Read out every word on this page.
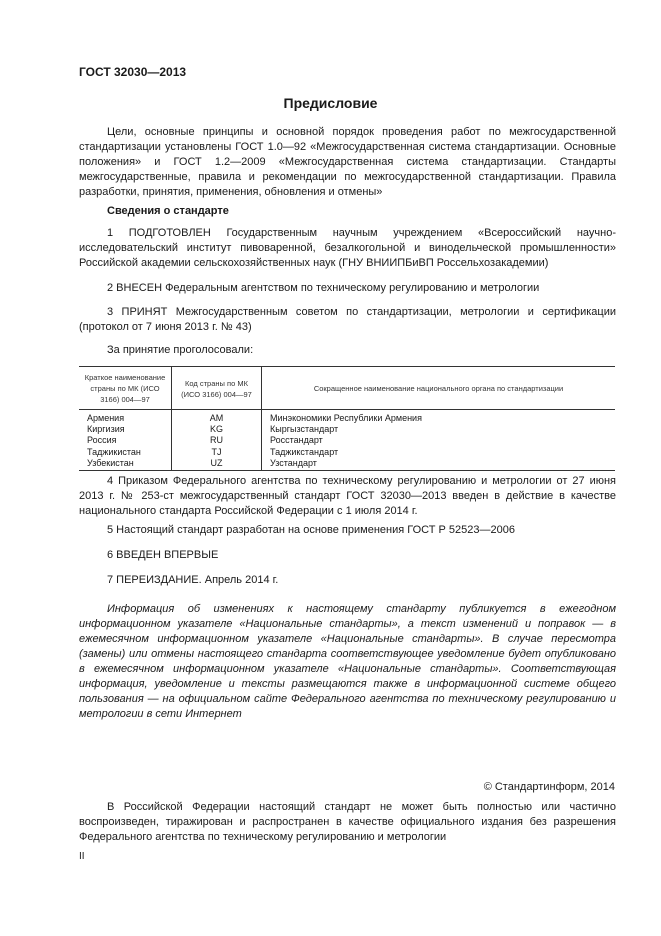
ГОСТ 32030—2013
Предисловие
Цели, основные принципы и основной порядок проведения работ по межгосударственной стандартизации установлены ГОСТ 1.0—92 «Межгосударственная система стандартизации. Основные положения» и ГОСТ 1.2—2009 «Межгосударственная система стандартизации. Стандарты межгосударственные, правила и рекомендации по межгосударственной стандартизации. Правила разработки, принятия, применения, обновления и отмены»
Сведения о стандарте
1 ПОДГОТОВЛЕН Государственным научным учреждением «Всероссийский научно-исследовательский институт пивоваренной, безалкогольной и винодельческой промышленности» Российской академии сельскохозяйственных наук (ГНУ ВНИИПБиВП Россельхозакадемии)
2 ВНЕСЕН Федеральным агентством по техническому регулированию и метрологии
3 ПРИНЯТ Межгосударственным советом по стандартизации, метрологии и сертификации (протокол от 7 июня 2013 г. № 43)
За принятие проголосовали:
Краткое наименование страны по МК (ИСО 3166) 004—97	Код страны по МК (ИСО 3166) 004—97	Сокращенное наименование национального органа по стандартизации
Армения	AM	Минэкономики Республики Армения
Киргизия	KG	Кыргызстандарт
Россия	RU	Росстандарт
Таджикистан	TJ	Таджикстандарт
Узбекистан	UZ	Узстандарт
4 Приказом Федерального агентства по техническому регулированию и метрологии от 27 июня 2013 г. № 253-ст межгосударственный стандарт ГОСТ 32030—2013 введен в действие в качестве национального стандарта Российской Федерации с 1 июля 2014 г.
5 Настоящий стандарт разработан на основе применения ГОСТ Р 52523—2006
6 ВВЕДЕН ВПЕРВЫЕ
7 ПЕРЕИЗДАНИЕ. Апрель 2014 г.
Информация об изменениях к настоящему стандарту публикуется в ежегодном информационном указателе «Национальные стандарты», а текст изменений и поправок — в ежемесячном информационном указателе «Национальные стандарты». В случае пересмотра (замены) или отмены настоящего стандарта соответствующее уведомление будет опубликовано в ежемесячном информационном указателе «Национальные стандарты». Соответствующая информация, уведомление и тексты размещаются также в информационной системе общего пользования — на официальном сайте Федерального агентства по техническому регулированию и метрологии в сети Интернет
© Стандартинформ, 2014
В Российской Федерации настоящий стандарт не может быть полностью или частично воспроизведен, тиражирован и распространен в качестве официального издания без разрешения Федерального агентства по техническому регулированию и метрологии
II
